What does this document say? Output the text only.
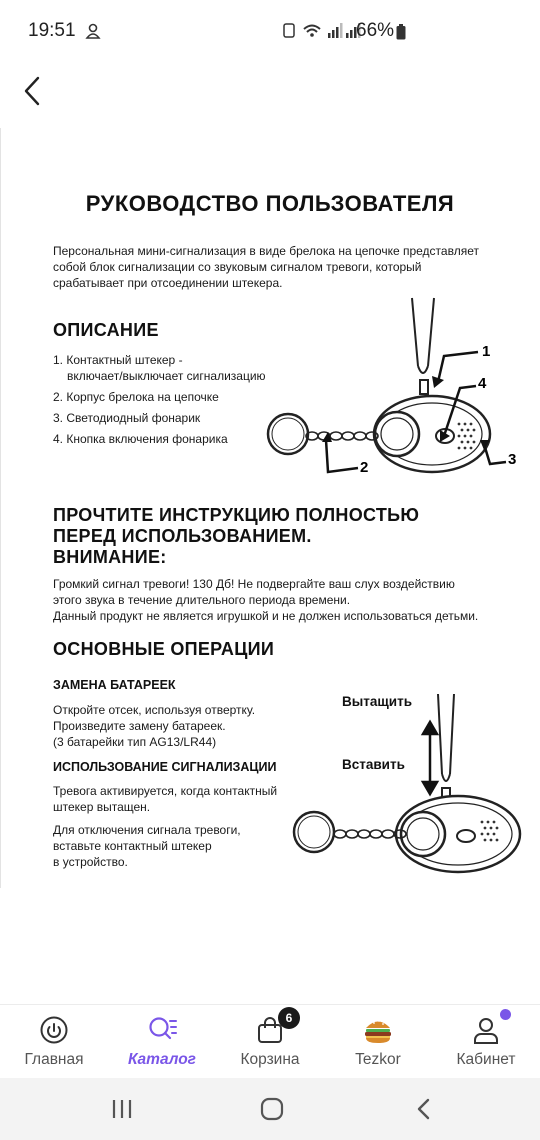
19:51	66%
РУКОВОДСТВО ПОЛЬЗОВАТЕЛЯ
Персональная мини-сигнализация в виде брелока на цепочке представляет
собой блок сигнализации со звуковым сигналом тревоги, который
срабатывает при отсоединении штекера.
ОПИСАНИЕ
1. Контактный штекер -
включает/выключает сигнализацию
2. Корпус брелока на цепочке
3. Светодиодный фонарик
4. Кнопка включения фонарика
1
4
2	3
ПРОЧТИТЕ ИНСТРУКЦИЮ ПОЛНОСТЬЮ
ПЕРЕД ИСПОЛЬЗОВАНИЕМ.
ВНИМАНИЕ:
Громкий сигнал тревоги! 130 Дб! Не подвергайте ваш слух воздействию
этого звука в течение длительного периода времени.
Данный продукт не является игрушкой и не должен использоваться детьми.
ОСНОВНЫЕ ОПЕРАЦИИ
ЗАМЕНА БАТАРЕЕК
Откройте отсек, используя отвертку.
Произведите замену батареек.
(3 батарейки тип AG13/LR44)
ИСПОЛЬЗОВАНИЕ СИГНАЛИЗАЦИИ
Тревога активируется, когда контактный
штекер вытащен.
Для отключения сигнала тревоги,
вставьте контактный штекер
в устройство.
Вытащить
Вставить
Главная	Каталог
6
Корзина	Tezkor	Кабинет
